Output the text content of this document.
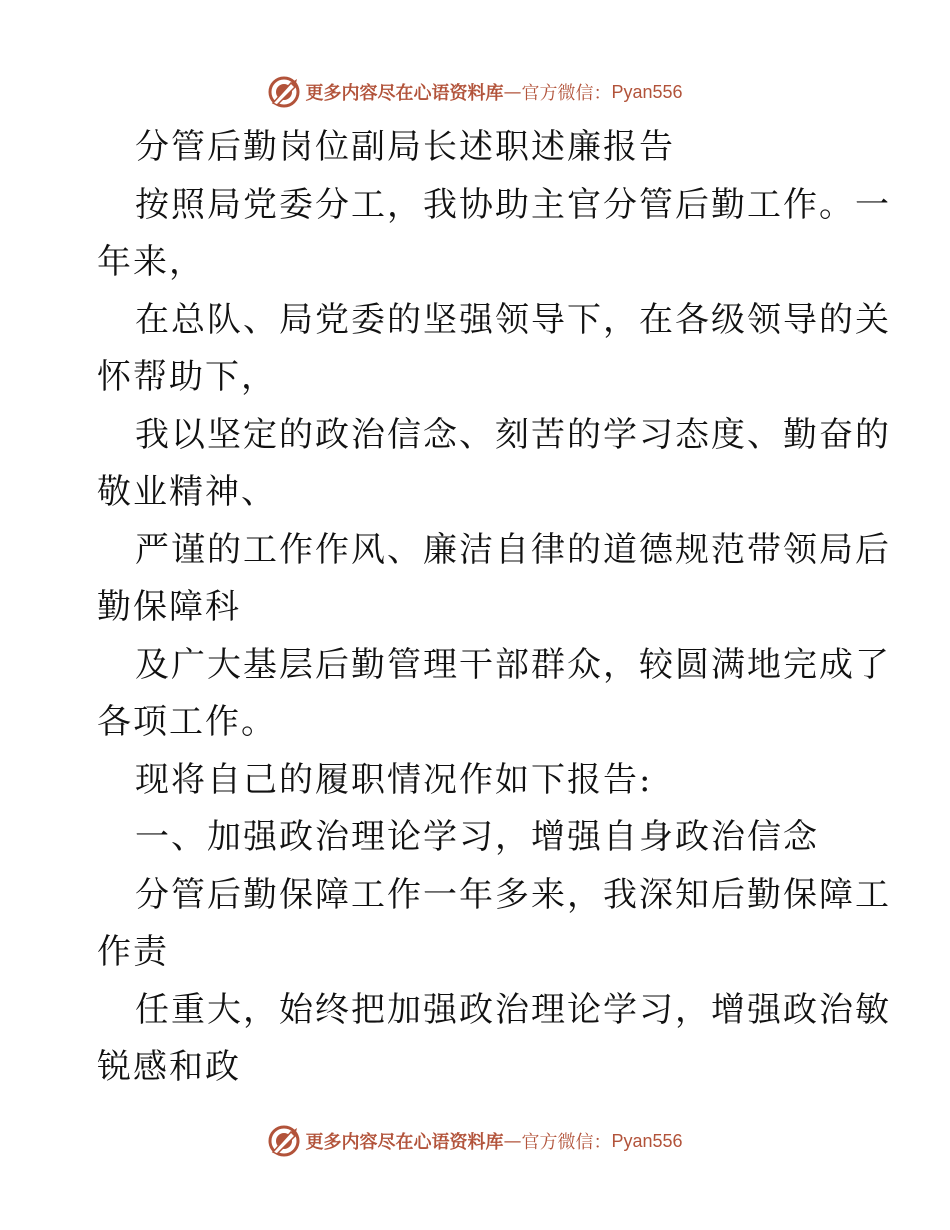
更多内容尽在心语资料库 — 官方微信： Pyan556
分管后勤岗位副局长述职述廉报告
按照局党委分工，我协助主官分管后勤工作。一
年来，
在总队、局党委的坚强领导下，在各级领导的关
怀帮助下，
我以坚定的政治信念、刻苦的学习态度、勤奋的
敬业精神、
严谨的工作作风、廉洁自律的道德规范带领局后
勤保障科
及广大基层后勤管理干部群众，较圆满地完成了
各项工作。
现将自己的履职情况作如下报告:
一、加强政治理论学习，增强自身政治信念
分管后勤保障工作一年多来，我深知后勤保障工
作责
任重大，始终把加强政治理论学习，增强政治敏
锐感和政
更多内容尽在心语资料库 — 官方微信： Pyan556
